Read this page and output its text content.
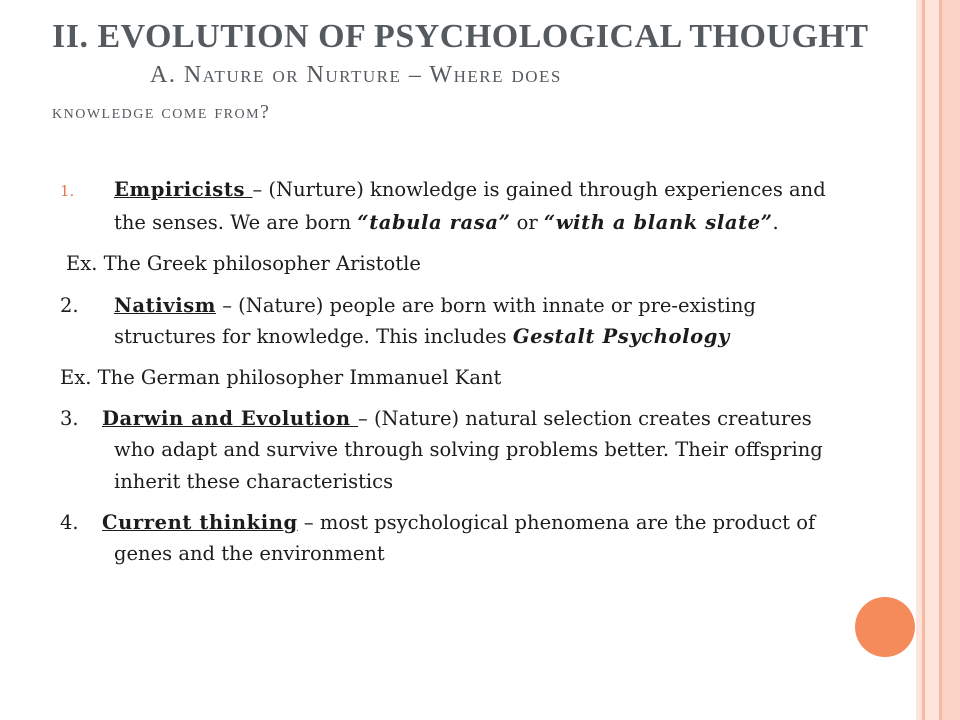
II. EVOLUTION OF PSYCHOLOGICAL THOUGHT
A. Nature or Nurture – Where does
knowledge come from?

1. Empiricists – (Nurture) knowledge is gained through experiences and the senses. We are born “tabula rasa” or “with a blank slate”.

Ex. The Greek philosopher Aristotle

2. Nativism – (Nature) people are born with innate or pre-existing structures for knowledge. This includes Gestalt Psychology

Ex. The German philosopher Immanuel Kant

3. Darwin and Evolution – (Nature) natural selection creates creatures who adapt and survive through solving problems better. Their offspring inherit these characteristics

4. Current thinking – most psychological phenomena are the product of genes and the environment
